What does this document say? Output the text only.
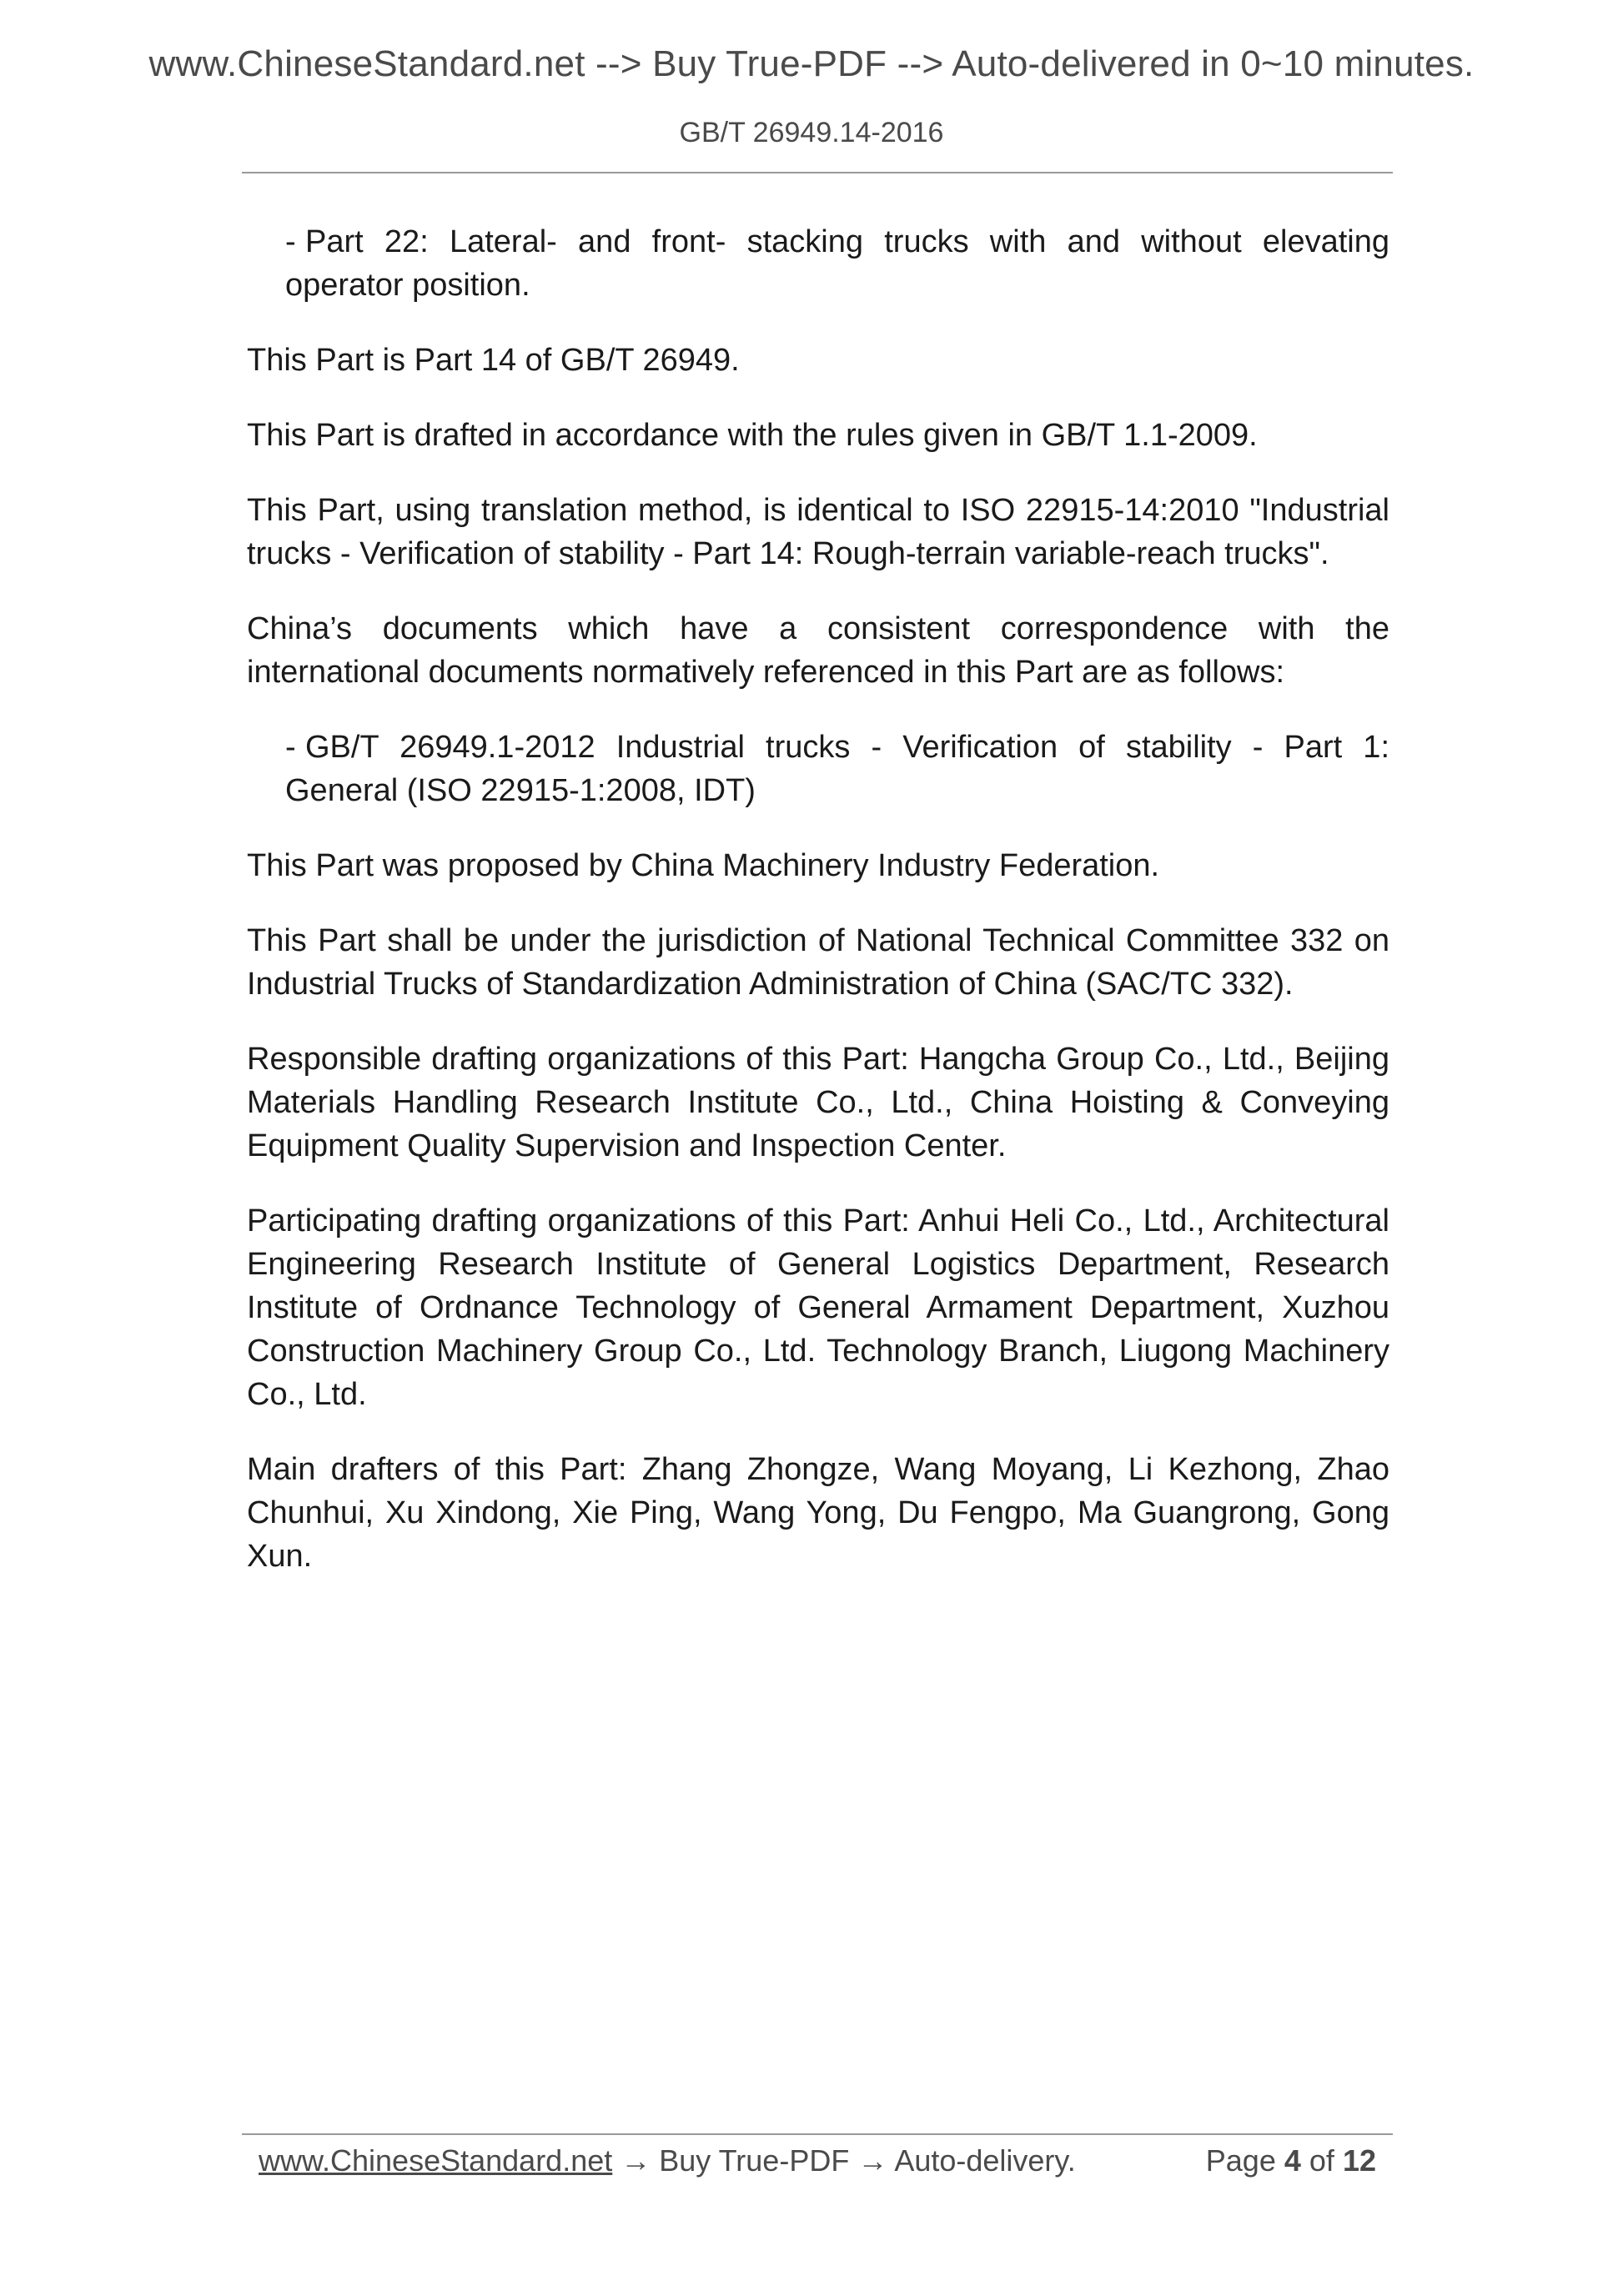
www.ChineseStandard.net --> Buy True-PDF --> Auto-delivered in 0~10 minutes.
GB/T 26949.14-2016
- Part 22: Lateral- and front- stacking trucks with and without elevating operator position.

This Part is Part 14 of GB/T 26949.

This Part is drafted in accordance with the rules given in GB/T 1.1-2009.

This Part, using translation method, is identical to ISO 22915-14:2010 "Industrial trucks - Verification of stability - Part 14: Rough-terrain variable-reach trucks".

China’s documents which have a consistent correspondence with the international documents normatively referenced in this Part are as follows:

- GB/T 26949.1-2012 Industrial trucks - Verification of stability - Part 1: General (ISO 22915-1:2008, IDT)

This Part was proposed by China Machinery Industry Federation.

This Part shall be under the jurisdiction of National Technical Committee 332 on Industrial Trucks of Standardization Administration of China (SAC/TC 332).

Responsible drafting organizations of this Part: Hangcha Group Co., Ltd., Beijing Materials Handling Research Institute Co., Ltd., China Hoisting & Conveying Equipment Quality Supervision and Inspection Center.

Participating drafting organizations of this Part: Anhui Heli Co., Ltd., Architectural Engineering Research Institute of General Logistics Department, Research Institute of Ordnance Technology of General Armament Department, Xuzhou Construction Machinery Group Co., Ltd. Technology Branch, Liugong Machinery Co., Ltd.

Main drafters of this Part: Zhang Zhongze, Wang Moyang, Li Kezhong, Zhao Chunhui, Xu Xindong, Xie Ping, Wang Yong, Du Fengpo, Ma Guangrong, Gong Xun.

www.ChineseStandard.net → Buy True-PDF → Auto-delivery.	Page 4 of 12
